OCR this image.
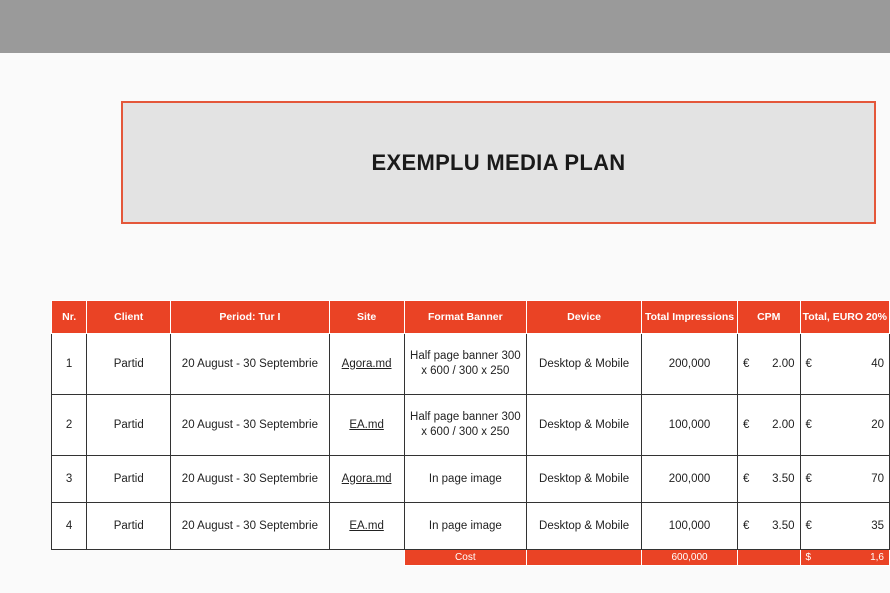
EXEMPLU MEDIA PLAN
Nr.	Client	Period: Tur I	Site	Format Banner	Device	Total Impressions	CPM	Total, EURO 20%
1	Partid	20 August - 30 Septembrie	Agora.md	Half page banner 300 x 600 / 300 x 250	Desktop & Mobile	200,000	€ 2.00	€ 40

2	Partid	20 August - 30 Septembrie	EA.md	Half page banner 300 x 600 / 300 x 250	Desktop & Mobile	100,000	€ 2.00	€ 20

3	Partid	20 August - 30 Septembrie	Agora.md	In page image	Desktop & Mobile	200,000	€ 3.50	€ 70

4	Partid	20 August - 30 Septembrie	EA.md	In page image	Desktop & Mobile	100,000	€ 3.50	€ 35

				Cost		600,000		$ 1,6
